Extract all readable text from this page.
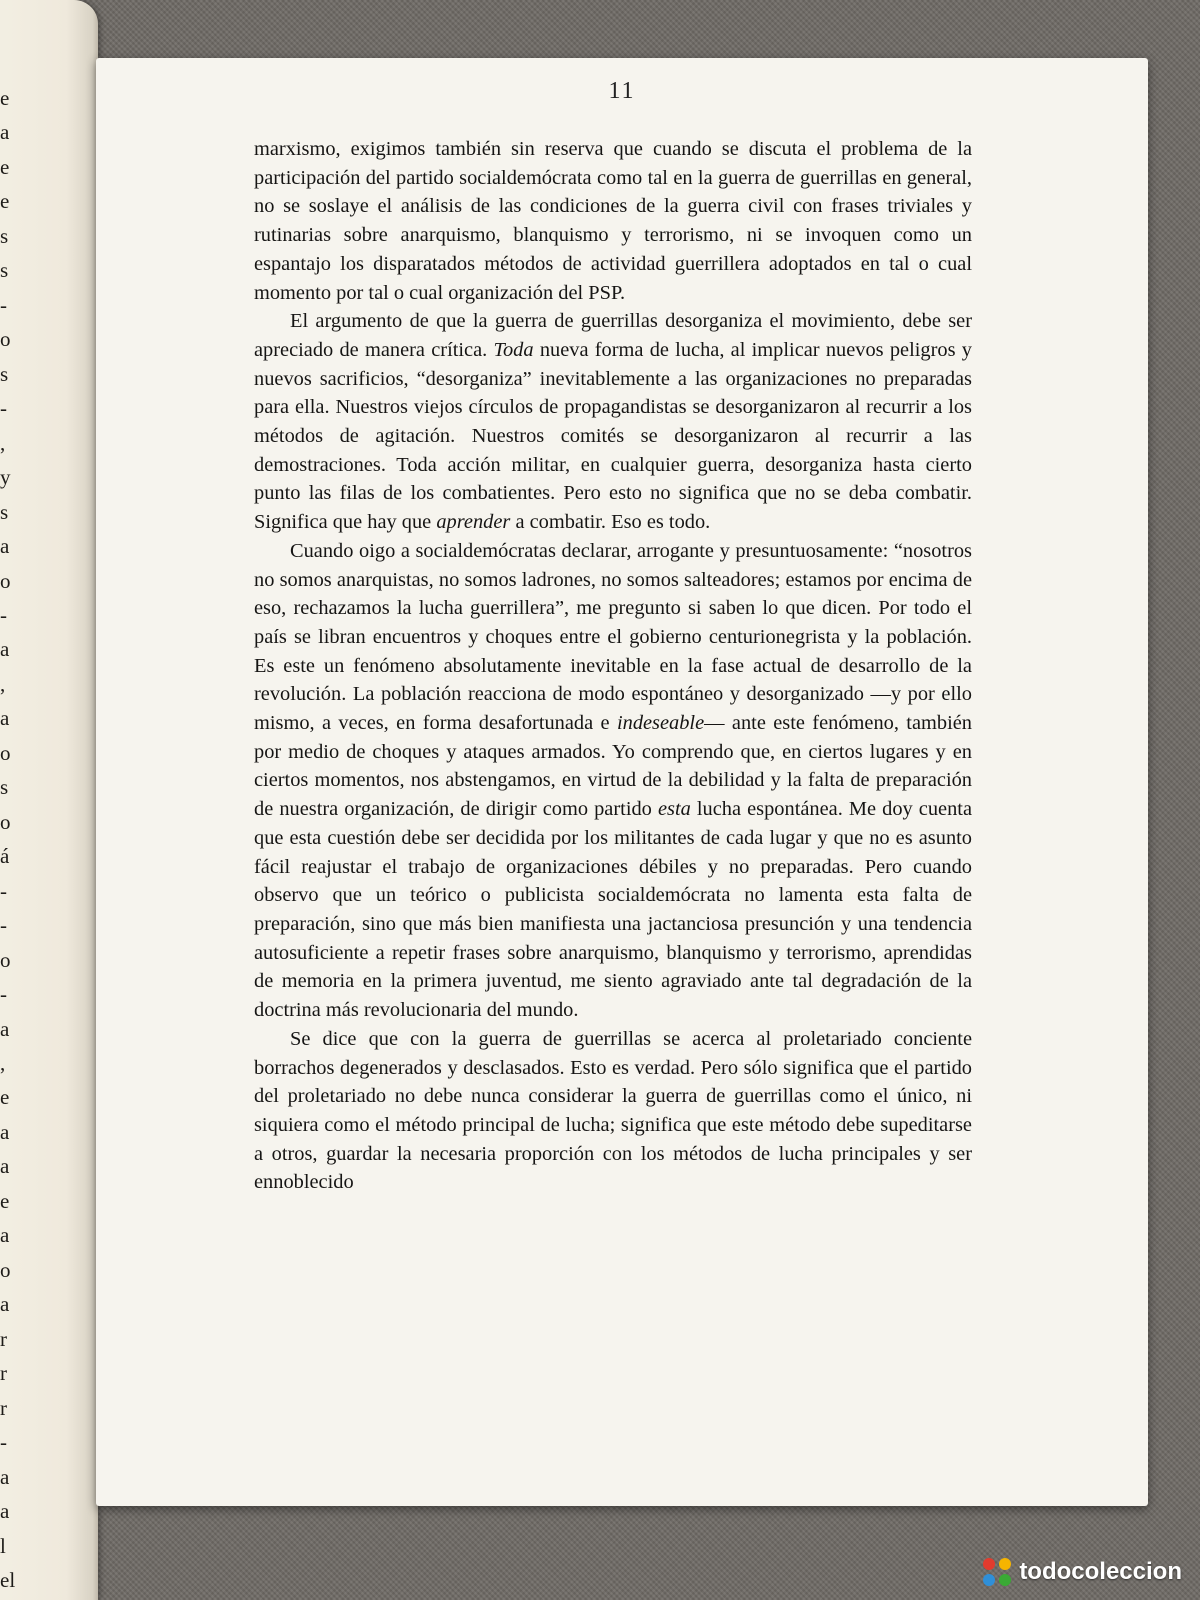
e
a
e
e
s
s
-
o
s
-
,
y
s
a
o
-
a
,
a
o
s
o
á
-
-
o
-
a
,
e
a
a
e
a
o
a
r
r
r
-
a
a
l
el
11

marxismo, exigimos también sin reserva que cuando se discuta el problema de la participación del partido socialdemócrata como tal en la guerra de guerrillas en general, no se soslaye el análisis de las condiciones de la guerra civil con frases triviales y rutinarias sobre anarquismo, blanquismo y terrorismo, ni se invoquen como un espantajo los disparatados métodos de actividad guerrillera adoptados en tal o cual momento por tal o cual organización del PSP.

El argumento de que la guerra de guerrillas desorganiza el movimiento, debe ser apreciado de manera crítica. Toda nueva forma de lucha, al implicar nuevos peligros y nuevos sacrificios, “desorganiza” inevitablemente a las organizaciones no preparadas para ella. Nuestros viejos círculos de propagandistas se desorganizaron al recurrir a los métodos de agitación. Nuestros comités se desorganizaron al recurrir a las demostraciones. Toda acción militar, en cualquier guerra, desorganiza hasta cierto punto las filas de los combatientes. Pero esto no significa que no se deba combatir. Significa que hay que aprender a combatir. Eso es todo.

Cuando oigo a socialdemócratas declarar, arrogante y presuntuosamente: “nosotros no somos anarquistas, no somos ladrones, no somos salteadores; estamos por encima de eso, rechazamos la lucha guerrillera”, me pregunto si saben lo que dicen. Por todo el país se libran encuentros y choques entre el gobierno centurionegrista y la población. Es este un fenómeno absolutamente inevitable en la fase actual de desarrollo de la revolución. La población reacciona de modo espontáneo y desorganizado —y por ello mismo, a veces, en forma desafortunada e indeseable— ante este fenómeno, también por medio de choques y ataques armados. Yo comprendo que, en ciertos lugares y en ciertos momentos, nos abstengamos, en virtud de la debilidad y la falta de preparación de nuestra organización, de dirigir como partido esta lucha espontánea. Me doy cuenta que esta cuestión debe ser decidida por los militantes de cada lugar y que no es asunto fácil reajustar el trabajo de organizaciones débiles y no preparadas. Pero cuando observo que un teórico o publicista socialdemócrata no lamenta esta falta de preparación, sino que más bien manifiesta una jactanciosa presunción y una tendencia autosuficiente a repetir frases sobre anarquismo, blanquismo y terrorismo, aprendidas de memoria en la primera juventud, me siento agraviado ante tal degradación de la doctrina más revolucionaria del mundo.

Se dice que con la guerra de guerrillas se acerca al proletariado conciente borrachos degenerados y desclasados. Esto es verdad. Pero sólo significa que el partido del proletariado no debe nunca considerar la guerra de guerrillas como el único, ni siquiera como el método principal de lucha; significa que este método debe supeditarse a otros, guardar la necesaria proporción con los métodos de lucha principales y ser ennoblecido

todocoleccion
